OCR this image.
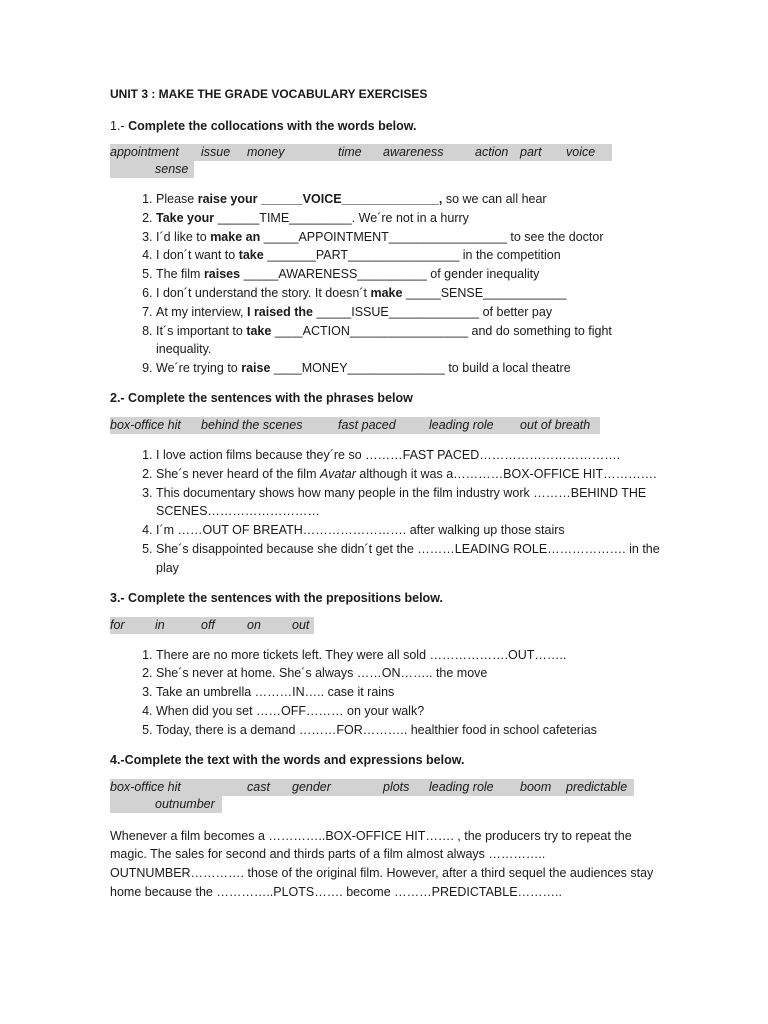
UNIT 3 : MAKE THE GRADE VOCABULARY EXERCISES

1.- Complete the collocations with the words below.

appointment	issue	money	time	awareness	action part	voice

sense
1. Please raise your ______VOICE______________, so we can all hear
2. Take your ______TIME_________. We´re not in a hurry
3. I´d like to make an _____APPOINTMENT_________________ to see the doctor
4. I don´t want to take _______PART________________ in the competition
5. The film raises _____AWARENESS__________ of gender inequality
6. I don´t understand the story. It doesn´t make _____SENSE____________
7. At my interview, I raised the _____ISSUE_____________ of better pay
8. It´s important to take ____ACTION_________________ and do something to fight inequality.
9. We´re trying to raise ____MONEY______________ to build a local theatre

2.- Complete the sentences with the phrases below

box-office hit	behind the scenes	fast paced	leading role	out of breath
1. I love action films because they´re so ………FAST PACED…………………………….
2. She´s never heard of the film Avatar although it was a…………BOX-OFFICE HIT………….
3. This documentary shows how many people in the film industry work ………BEHIND THE SCENES………………………
4. I´m ……OUT OF BREATH……………………. after walking up those stairs
5. She´s disappointed because she didn´t get the ………LEADING ROLE………………. in the play

3.- Complete the sentences with the prepositions below.

for	in	off	on	out
1. There are no more tickets left. They were all sold ……………….OUT……..
2. She´s never at home. She´s always ……ON…….. the move
3. Take an umbrella ………IN….. case it rains
4. When did you set ……OFF……… on your walk?
5. Today, there is a demand ………FOR……….. healthier food in school cafeterias

4.-Complete the text with the words and expressions below.

box-office hit	cast	gender	plots	leading role	boom	predictable

outnumber

Whenever a film becomes a …………..BOX-OFFICE HIT……. , the producers try to repeat the magic. The sales for second and thirds parts of a film almost always ………….. OUTNUMBER…………. those of the original film. However, after a third sequel the audiences stay home because the …………..PLOTS……. become ………PREDICTABLE………..
